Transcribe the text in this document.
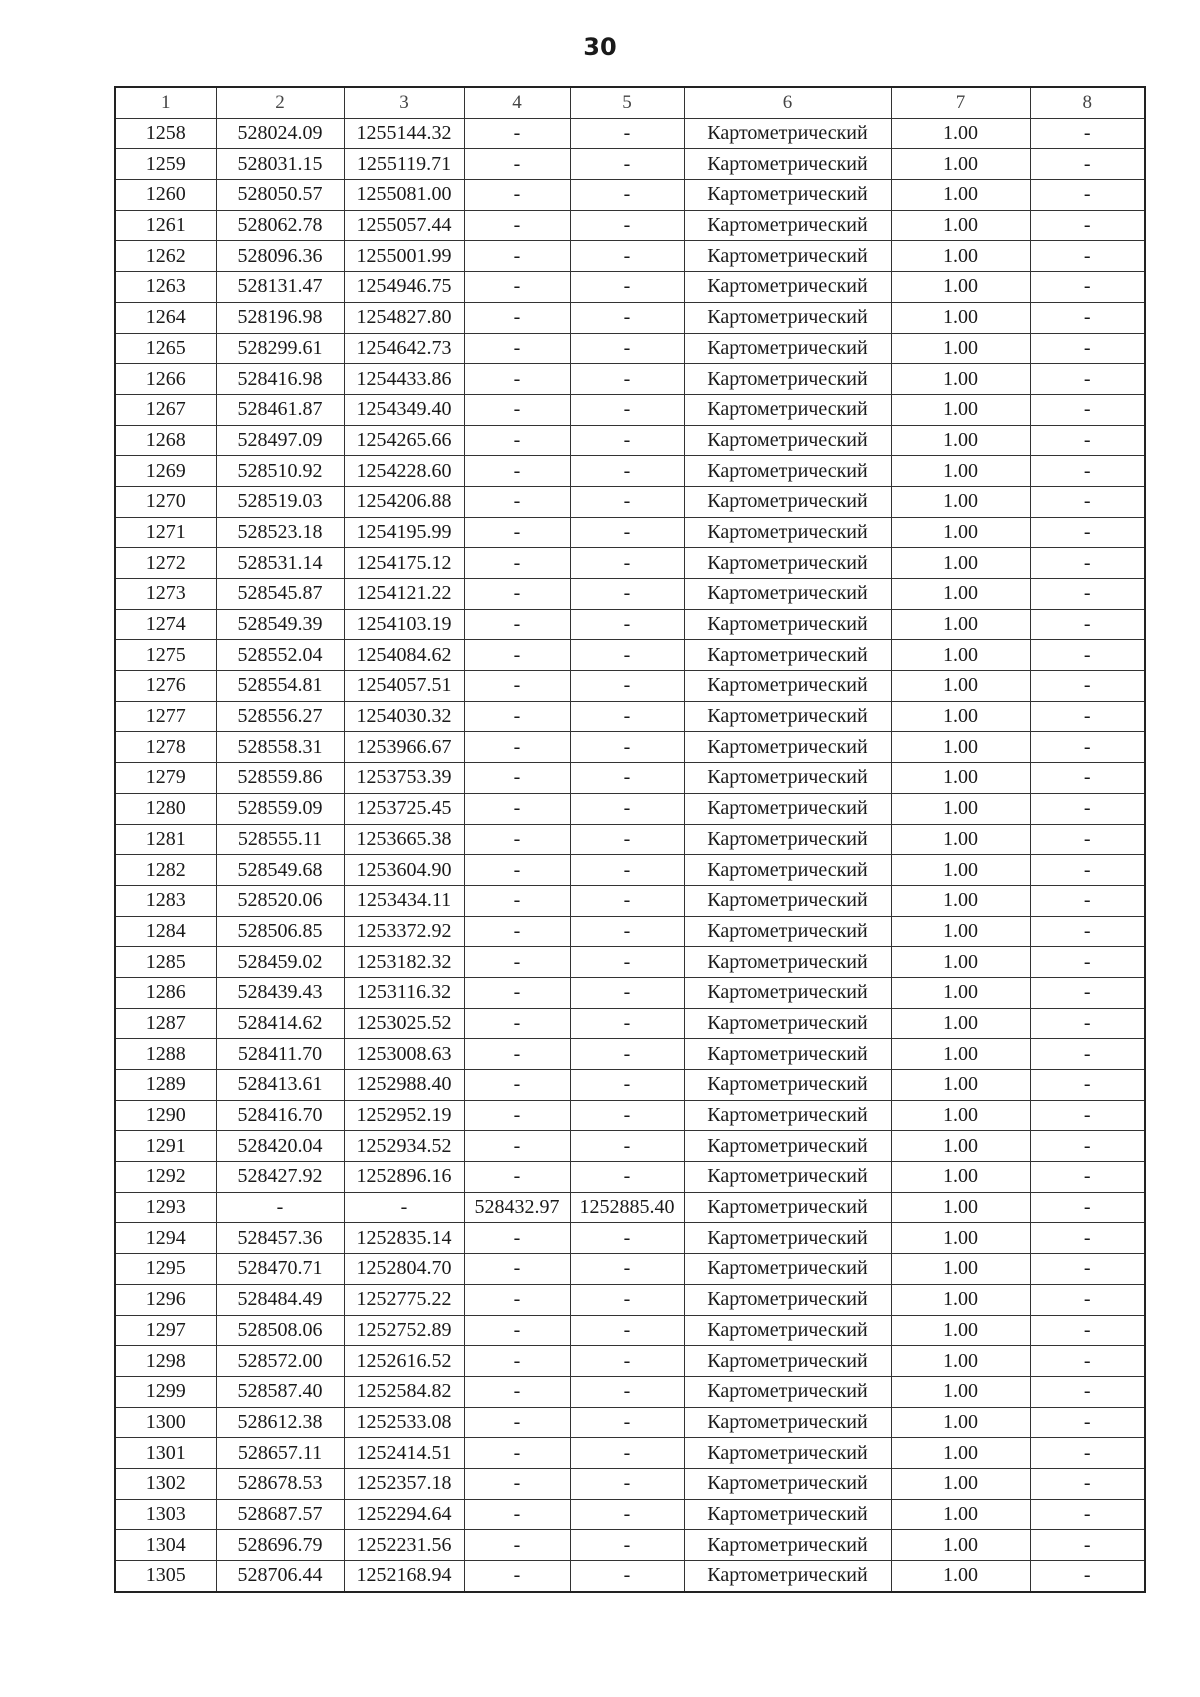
30
1	2	3	4	5	6	7	8
1258	528024.09	1255144.32	-	-	Картометрический	1.00	-
1259	528031.15	1255119.71	-	-	Картометрический	1.00	-
1260	528050.57	1255081.00	-	-	Картометрический	1.00	-
1261	528062.78	1255057.44	-	-	Картометрический	1.00	-
1262	528096.36	1255001.99	-	-	Картометрический	1.00	-
1263	528131.47	1254946.75	-	-	Картометрический	1.00	-
1264	528196.98	1254827.80	-	-	Картометрический	1.00	-
1265	528299.61	1254642.73	-	-	Картометрический	1.00	-
1266	528416.98	1254433.86	-	-	Картометрический	1.00	-
1267	528461.87	1254349.40	-	-	Картометрический	1.00	-
1268	528497.09	1254265.66	-	-	Картометрический	1.00	-
1269	528510.92	1254228.60	-	-	Картометрический	1.00	-
1270	528519.03	1254206.88	-	-	Картометрический	1.00	-
1271	528523.18	1254195.99	-	-	Картометрический	1.00	-
1272	528531.14	1254175.12	-	-	Картометрический	1.00	-
1273	528545.87	1254121.22	-	-	Картометрический	1.00	-
1274	528549.39	1254103.19	-	-	Картометрический	1.00	-
1275	528552.04	1254084.62	-	-	Картометрический	1.00	-
1276	528554.81	1254057.51	-	-	Картометрический	1.00	-
1277	528556.27	1254030.32	-	-	Картометрический	1.00	-
1278	528558.31	1253966.67	-	-	Картометрический	1.00	-
1279	528559.86	1253753.39	-	-	Картометрический	1.00	-
1280	528559.09	1253725.45	-	-	Картометрический	1.00	-
1281	528555.11	1253665.38	-	-	Картометрический	1.00	-
1282	528549.68	1253604.90	-	-	Картометрический	1.00	-
1283	528520.06	1253434.11	-	-	Картометрический	1.00	-
1284	528506.85	1253372.92	-	-	Картометрический	1.00	-
1285	528459.02	1253182.32	-	-	Картометрический	1.00	-
1286	528439.43	1253116.32	-	-	Картометрический	1.00	-
1287	528414.62	1253025.52	-	-	Картометрический	1.00	-
1288	528411.70	1253008.63	-	-	Картометрический	1.00	-
1289	528413.61	1252988.40	-	-	Картометрический	1.00	-
1290	528416.70	1252952.19	-	-	Картометрический	1.00	-
1291	528420.04	1252934.52	-	-	Картометрический	1.00	-
1292	528427.92	1252896.16	-	-	Картометрический	1.00	-
1293	-	-	528432.97	1252885.40	Картометрический	1.00	-
1294	528457.36	1252835.14	-	-	Картометрический	1.00	-
1295	528470.71	1252804.70	-	-	Картометрический	1.00	-
1296	528484.49	1252775.22	-	-	Картометрический	1.00	-
1297	528508.06	1252752.89	-	-	Картометрический	1.00	-
1298	528572.00	1252616.52	-	-	Картометрический	1.00	-
1299	528587.40	1252584.82	-	-	Картометрический	1.00	-
1300	528612.38	1252533.08	-	-	Картометрический	1.00	-
1301	528657.11	1252414.51	-	-	Картометрический	1.00	-
1302	528678.53	1252357.18	-	-	Картометрический	1.00	-
1303	528687.57	1252294.64	-	-	Картометрический	1.00	-
1304	528696.79	1252231.56	-	-	Картометрический	1.00	-
1305	528706.44	1252168.94	-	-	Картометрический	1.00	-
